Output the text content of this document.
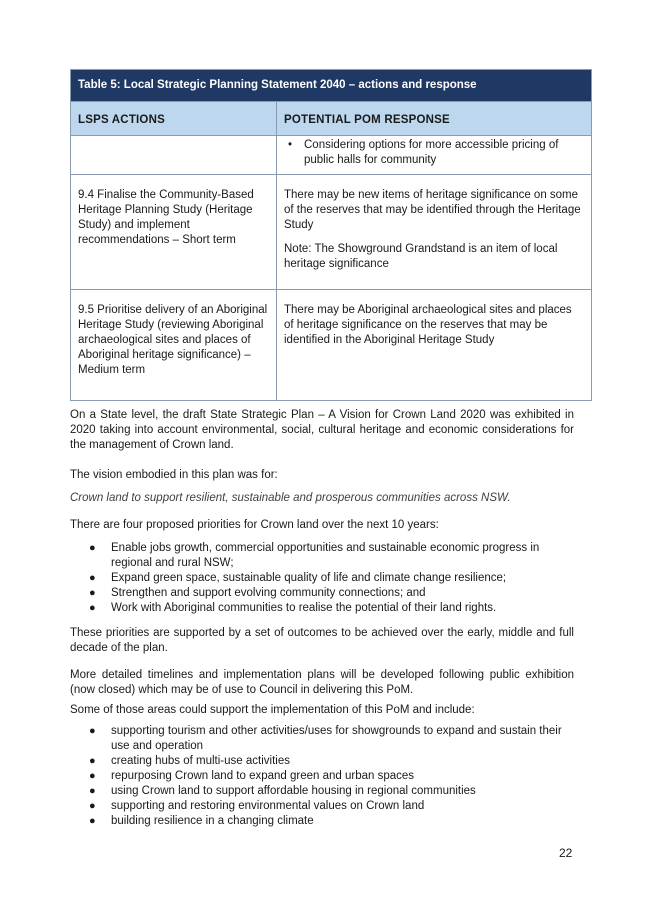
Table 5: Local Strategic Planning Statement 2040 – actions and response	
LSPS ACTIONS	POTENTIAL POM RESPONSE

	• Considering options for more accessible pricing of public halls for community

9.4 Finalise the Community-Based Heritage Planning Study (Heritage Study) and implement recommendations – Short term	There may be new items of heritage significance on some of the reserves that may be identified through the Heritage Study

Note: The Showground Grandstand is an item of local heritage significance

9.5 Prioritise delivery of an Aboriginal Heritage Study (reviewing Aboriginal archaeological sites and places of Aboriginal heritage significance) – Medium term	There may be Aboriginal archaeological sites and places of heritage significance on the reserves that may be identified in the Aboriginal Heritage Study

On a State level, the draft State Strategic Plan – A Vision for Crown Land 2020 was exhibited in 2020 taking into account environmental, social, cultural heritage and economic considerations for the management of Crown land.

The vision embodied in this plan was for:

Crown land to support resilient, sustainable and prosperous communities across NSW.

There are four proposed priorities for Crown land over the next 10 years:

● Enable jobs growth, commercial opportunities and sustainable economic progress in regional and rural NSW;
● Expand green space, sustainable quality of life and climate change resilience;
● Strengthen and support evolving community connections; and
● Work with Aboriginal communities to realise the potential of their land rights.

These priorities are supported by a set of outcomes to be achieved over the early, middle and full decade of the plan.

More detailed timelines and implementation plans will be developed following public exhibition (now closed) which may be of use to Council in delivering this PoM.

Some of those areas could support the implementation of this PoM and include:

● supporting tourism and other activities/uses for showgrounds to expand and sustain their use and operation
● creating hubs of multi-use activities
● repurposing Crown land to expand green and urban spaces
● using Crown land to support affordable housing in regional communities
● supporting and restoring environmental values on Crown land
● building resilience in a changing climate
22
